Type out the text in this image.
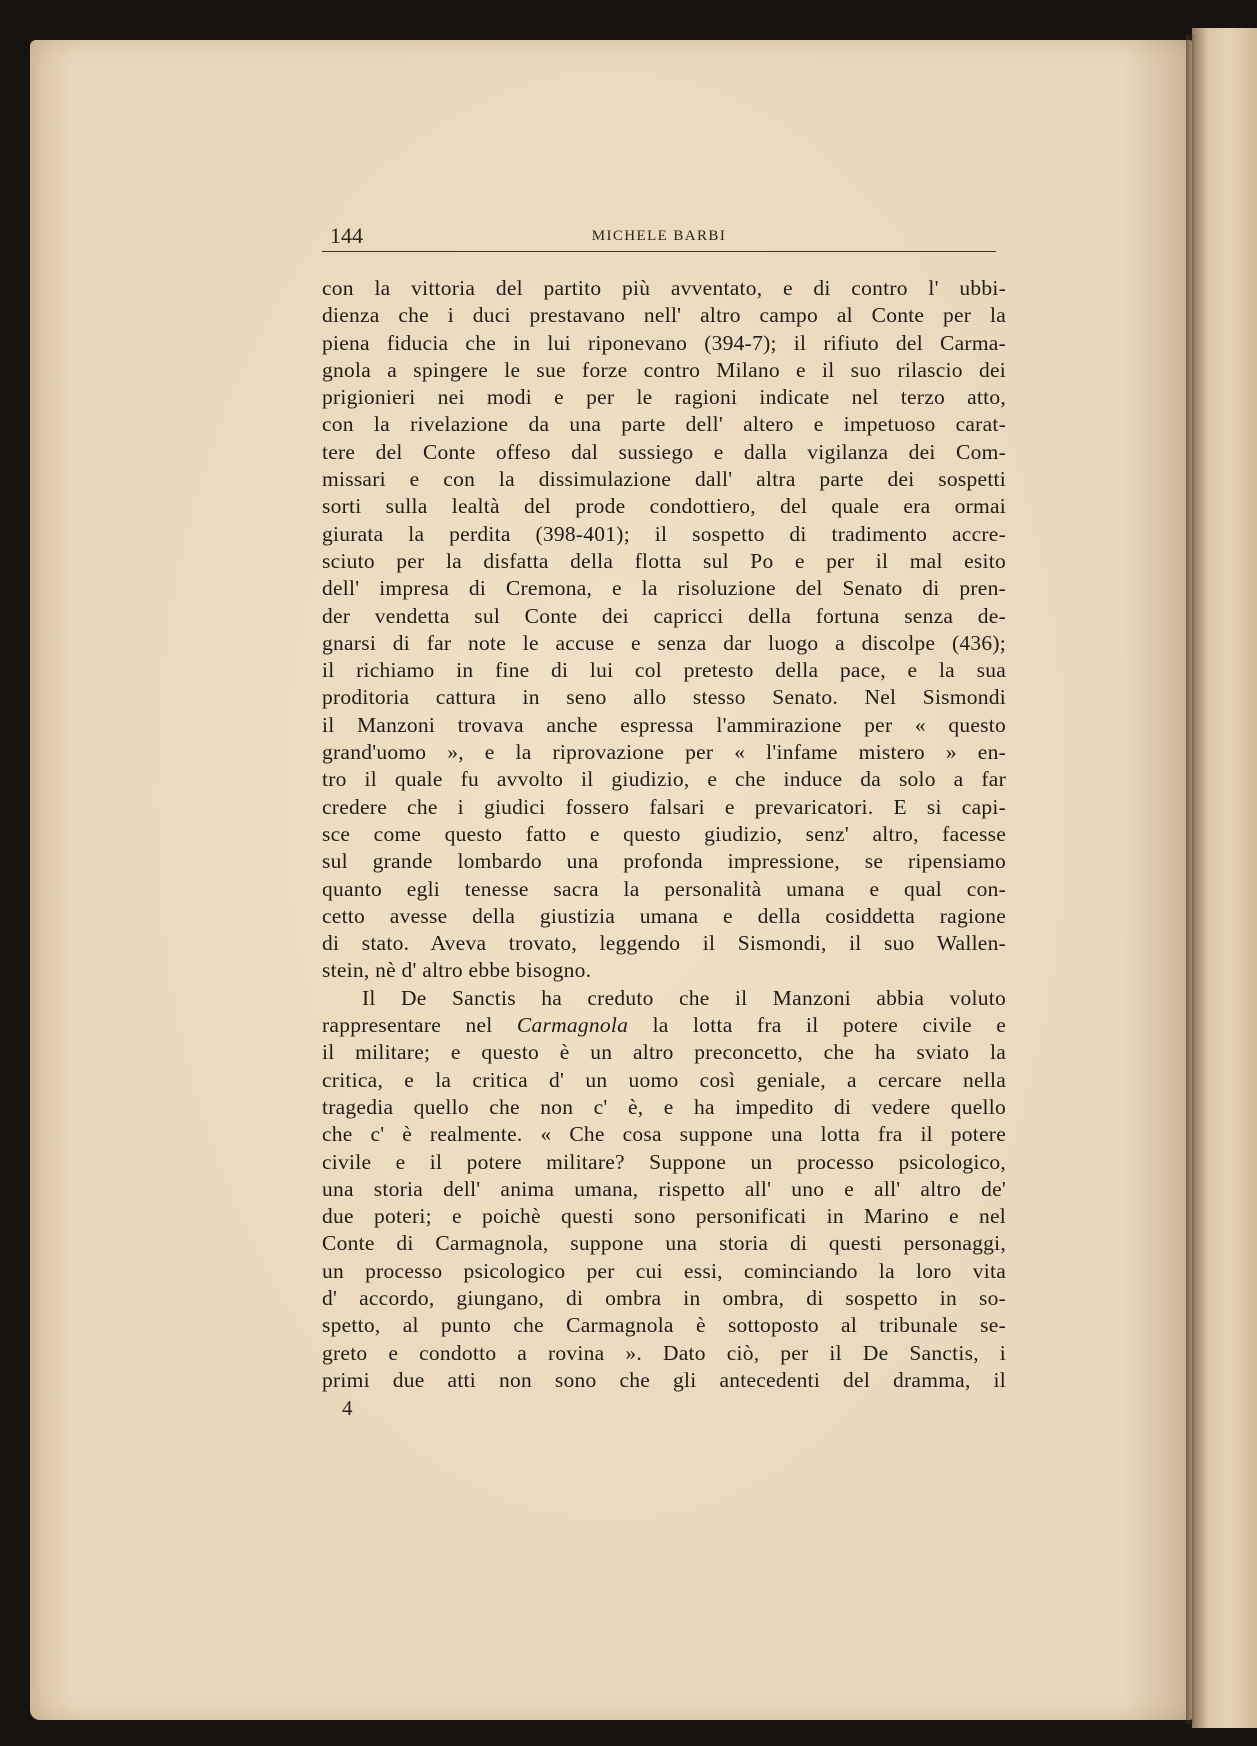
144	MICHELE BARBI
con la vittoria del partito più avventato, e di contro l' ubbi-
dienza che i duci prestavano nell' altro campo al Conte per la
piena fiducia che in lui riponevano (394-7); il rifiuto del Carma-
gnola a spingere le sue forze contro Milano e il suo rilascio dei
prigionieri nei modi e per le ragioni indicate nel terzo atto,
con la rivelazione da una parte dell' altero e impetuoso carat-
tere del Conte offeso dal sussiego e dalla vigilanza dei Com-
missari e con la dissimulazione dall' altra parte dei sospetti
sorti sulla lealtà del prode condottiero, del quale era ormai
giurata la perdita (398-401); il sospetto di tradimento accre-
sciuto per la disfatta della flotta sul Po e per il mal esito
dell' impresa di Cremona, e la risoluzione del Senato di pren-
der vendetta sul Conte dei capricci della fortuna senza de-
gnarsi di far note le accuse e senza dar luogo a discolpe (436);
il richiamo in fine di lui col pretesto della pace, e la sua
proditoria cattura in seno allo stesso Senato. Nel Sismondi
il Manzoni trovava anche espressa l'ammirazione per « questo
grand'uomo », e la riprovazione per « l'infame mistero » en-
tro il quale fu avvolto il giudizio, e che induce da solo a far
credere che i giudici fossero falsari e prevaricatori. E si capi-
sce come questo fatto e questo giudizio, senz' altro, facesse
sul grande lombardo una profonda impressione, se ripensiamo
quanto egli tenesse sacra la personalità umana e qual con-
cetto avesse della giustizia umana e della cosiddetta ragione
di stato. Aveva trovato, leggendo il Sismondi, il suo Wallen-
stein, nè d' altro ebbe bisogno.
Il De Sanctis ha creduto che il Manzoni abbia voluto
rappresentare nel Carmagnola la lotta fra il potere civile e
il militare; e questo è un altro preconcetto, che ha sviato la
critica, e la critica d' un uomo così geniale, a cercare nella
tragedia quello che non c' è, e ha impedito di vedere quello
che c' è realmente. « Che cosa suppone una lotta fra il potere
civile e il potere militare? Suppone un processo psicologico,
una storia dell' anima umana, rispetto all' uno e all' altro de'
due poteri; e poichè questi sono personificati in Marino e nel
Conte di Carmagnola, suppone una storia di questi personaggi,
un processo psicologico per cui essi, cominciando la loro vita
d' accordo, giungano, di ombra in ombra, di sospetto in so-
spetto, al punto che Carmagnola è sottoposto al tribunale se-
greto e condotto a rovina ». Dato ciò, per il De Sanctis, i
primi due atti non sono che gli antecedenti del dramma, il
4
